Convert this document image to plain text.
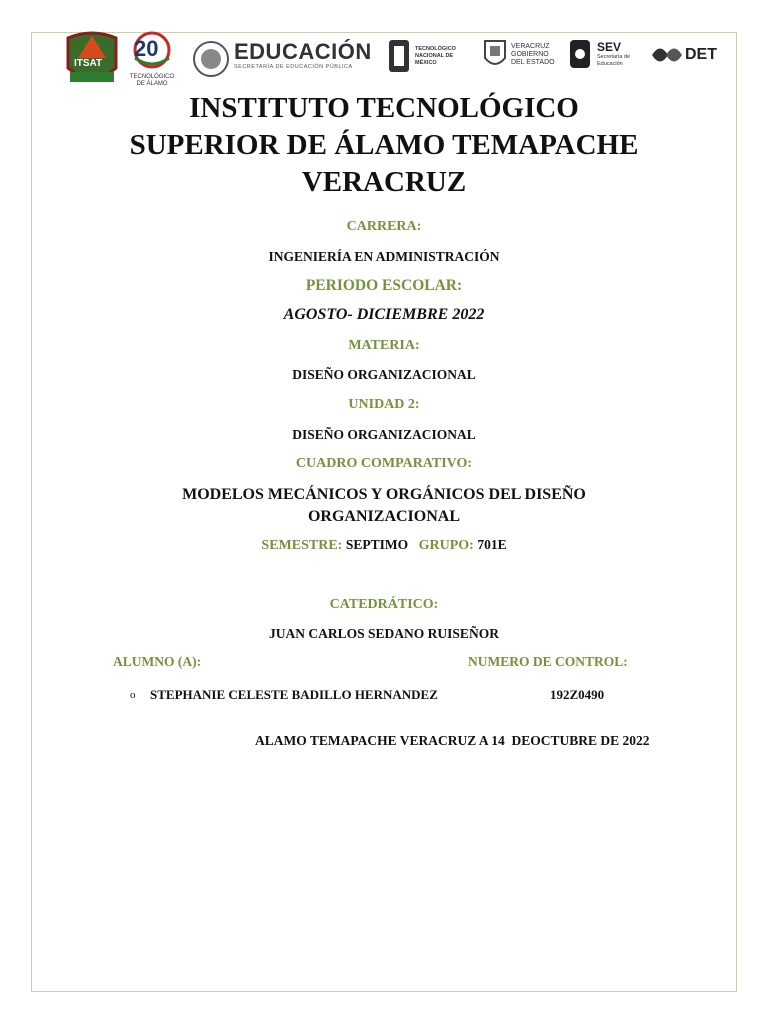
ITSAT
20
TECNOLÓGICO DE ÁLAMO
EDUCACIÓN
SECRETARÍA DE EDUCACIÓN PÚBLICA
TECNOLÓGICO NACIONAL DE MÉXICO
VERACRUZ GOBIERNO DEL ESTADO
SEV
Secretaría de Educación
DET
INSTITUTO TECNOLÓGICO
SUPERIOR DE ÁLAMO TEMAPACHE
VERACRUZ
CARRERA:
INGENIERÍA EN ADMINISTRACIÓN
PERIODO ESCOLAR:
AGOSTO- DICIEMBRE 2022
MATERIA:
DISEÑO ORGANIZACIONAL
UNIDAD 2:
DISEÑO ORGANIZACIONAL
CUADRO COMPARATIVO:
MODELOS MECÁNICOS Y ORGÁNICOS DEL DISEÑO
ORGANIZACIONAL
SEMESTRE: SEPTIMO GRUPO: 701E
CATEDRÁTICO:
JUAN CARLOS SEDANO RUISEÑOR
ALUMNO (A):	NUMERO DE CONTROL:
o STEPHANIE CELESTE BADILLO HERNANDEZ	192Z0490
ALAMO TEMAPACHE VERACRUZ A 14  DEOCTUBRE DE 2022
